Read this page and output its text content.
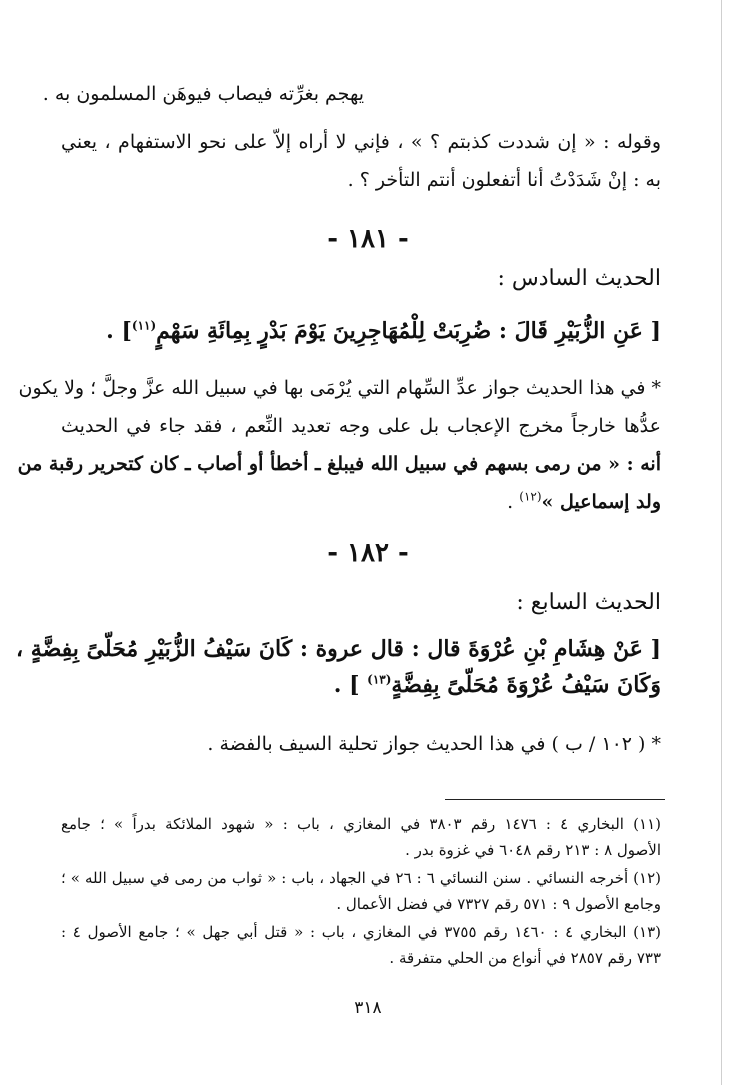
يهجم بغرِّته فيصاب فيوهَن المسلمون به .
وقوله : « إن شددت كذبتم ؟ » ، فإني لا أراه إلاّ على نحو الاستفهام ، يعني
به : إنْ شَدَدْتُ أنا أتفعلون أنتم التأخر ؟ .
- ١٨١ -
الحديث السادس :
[ عَنِ الزُّبَيْرِ قَالَ : ضُرِبَتْ لِلْمُهَاجِرِينَ يَوْمَ بَدْرٍ بِمِائَةِ سَهْمٍ$^{(١١)}$] .
* في هذا الحديث جواز عدِّ السِّهام التي يُرْمَى بها في سبيل الله عزَّ وجلَّ ؛ ولا يكون
عدُّها خارجاً مخرج الإعجاب بل على وجه تعديد النِّعم ، فقد جاء في الحديث
أنه : « من رمى بسهم في سبيل الله فيبلغ ـ أخطأ أو أصاب ـ كان كتحرير رقبة من
ولد إسماعيل »$^{(١٢)}$ .
- ١٨٢ -
الحديث السابع :
[ عَنْ هِشَامِ بْنِ عُرْوَةَ قال : قال عروة : كَانَ سَيْفُ الزُّبَيْرِ مُحَلّىً بِفِضَّةٍ ،
وَكَانَ سَيْفُ عُرْوَةَ مُحَلّىً بِفِضَّةٍ$^{(١٣)}$ ] .
* ( ١٠٢ / ب ) في هذا الحديث جواز تحلية السيف بالفضة .
(١١) البخاري ٤ : ١٤٧٦ رقم ٣٨٠٣ في المغازي ، باب : « شهود الملائكة بدراً » ؛ جامع
الأصول ٨ : ٢١٣ رقم ٦٠٤٨ في غزوة بدر .
(١٢) أخرجه النسائي . سنن النسائي ٦ : ٢٦ في الجهاد ، باب : « ثواب من رمى في سبيل الله » ؛
وجامع الأصول ٩ : ٥٧١ رقم ٧٣٢٧ في فضل الأعمال .
(١٣) البخاري ٤ : ١٤٦٠ رقم ٣٧٥٥ في المغازي ، باب : « قتل أبي جهل » ؛ جامع الأصول ٤ :
٧٣٣ رقم ٢٨٥٧ في أنواع من الحلي متفرقة .
٣١٨
